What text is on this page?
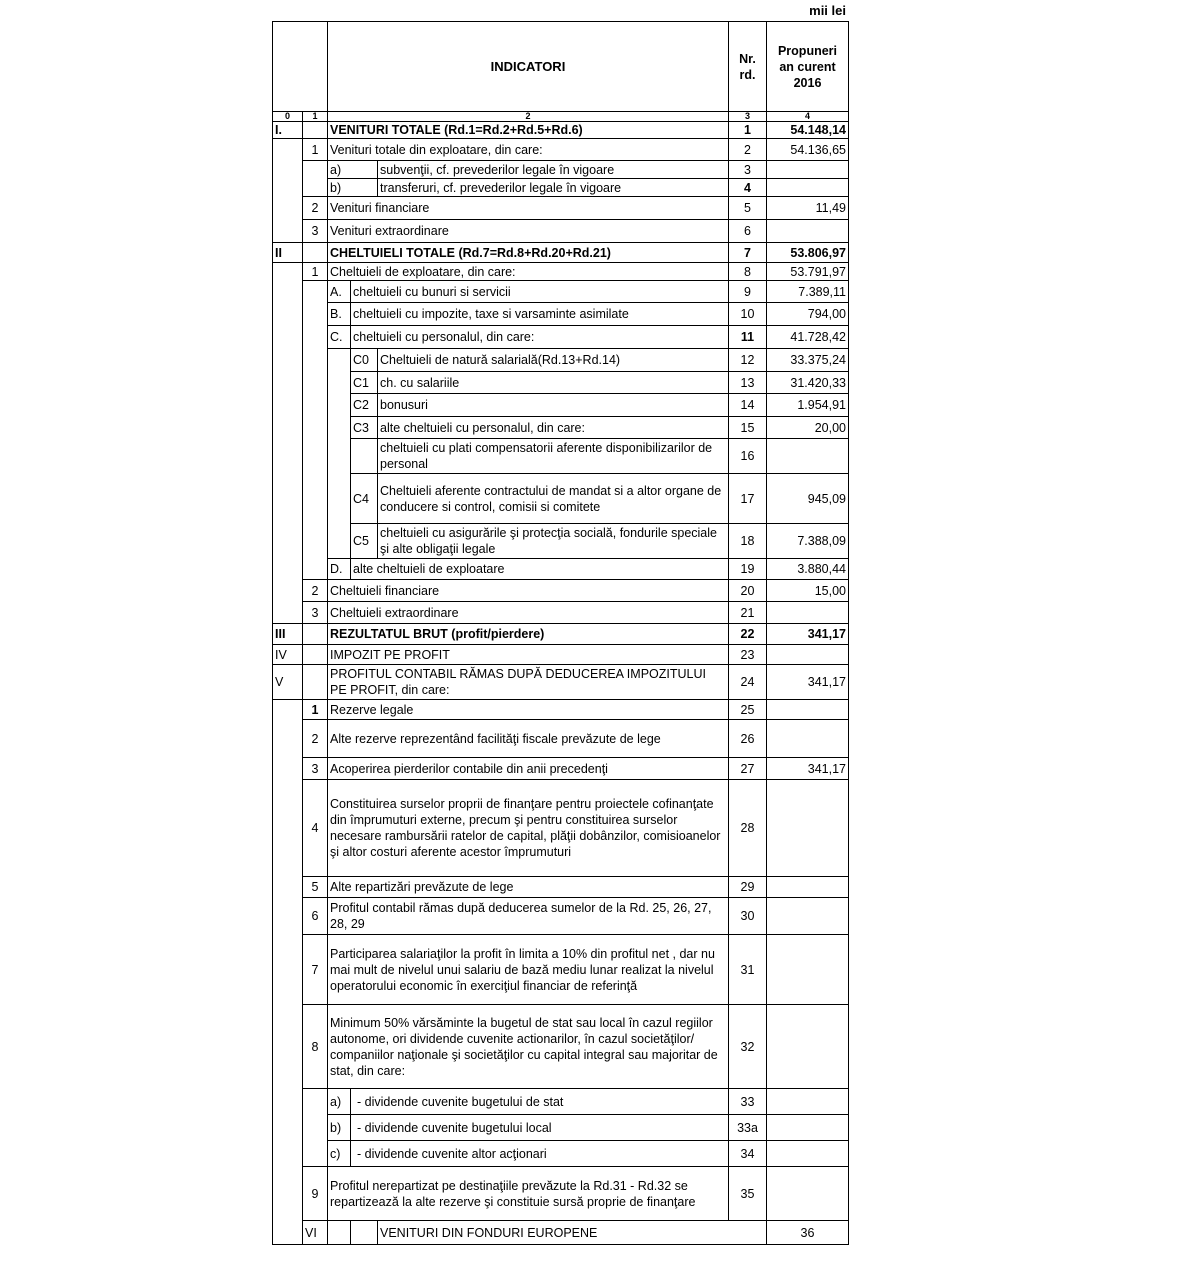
mii lei
		INDICATORI			Nr. rd.	Propuneri an curent 2016	
0	1	2			3	4	
I.		VENITURI TOTALE (Rd.1=Rd.2+Rd.5+Rd.6)			1	54.148,14	
	1	Venituri totale din exploatare, din care:			2	54.136,65	
		a)		subvenţii, cf. prevederilor legale în vigoare	3		
		b)		transferuri, cf. prevederilor legale în vigoare	4		
	2	Venituri financiare			5	11,49	
	3	Venituri extraordinare			6		
II		CHELTUIELI TOTALE (Rd.7=Rd.8+Rd.20+Rd.21)			7	53.806,97	
	1	Cheltuieli de exploatare, din care:			8	53.791,97	
		A.	cheltuieli cu bunuri si servicii		9	7.389,11	
		B.	cheltuieli cu impozite, taxe si varsaminte asimilate		10	794,00	
		C.	cheltuieli cu personalul, din care:		11	41.728,42	
			C0	Cheltuieli de natură salarială(Rd.13+Rd.14)	12	33.375,24	
			C1	ch. cu salariile	13	31.420,33	
			C2	bonusuri	14	1.954,91	
			C3	alte cheltuieli cu personalul, din care:	15	20,00	
				cheltuieli cu plati compensatorii aferente disponibilizarilor de personal	16		
			C4	Cheltuieli aferente contractului de mandat si a altor organe de conducere si control, comisii si comitete	17	945,09	
			C5	cheltuieli cu asigurările şi protecţia socială, fondurile speciale şi alte obligaţii legale	18	7.388,09	
		D.	alte cheltuieli de exploatare		19	3.880,44	
	2	Cheltuieli financiare			20	15,00	
	3	Cheltuieli extraordinare			21		
III		REZULTATUL BRUT (profit/pierdere)			22	341,17	
IV		IMPOZIT PE PROFIT			23		
V		PROFITUL CONTABIL RĂMAS DUPĂ DEDUCEREA IMPOZITULUI PE PROFIT, din care:			24	341,17	
	1	Rezerve legale			25		
	2	Alte rezerve reprezentând facilităţi fiscale prevăzute de lege			26		
	3	Acoperirea pierderilor contabile din anii precedenţi			27	341,17	
	4	Constituirea surselor proprii de finanţare pentru proiectele cofinanţate din împrumuturi externe, precum şi pentru constituirea surselor necesare rambursării ratelor de capital, plăţii dobânzilor, comisioanelor şi altor costuri aferente acestor împrumuturi			28		
	5	Alte repartizări prevăzute de lege			29		
	6	Profitul contabil rămas după deducerea sumelor de la Rd. 25, 26, 27, 28, 29			30		
	7	Participarea salariaţilor la profit în limita a 10% din profitul net , dar nu mai mult de nivelul unui salariu de bază mediu lunar realizat la nivelul operatorului economic în exerciţiul financiar de referinţă			31		
	8	Minimum 50% vărsăminte la bugetul de stat sau local în cazul regiilor autonome, ori dividende cuvenite actionarilor, în cazul societăţilor/ companiilor naţionale şi societăţilor cu capital integral sau majoritar de stat, din care:			32		
		a)	- dividende cuvenite bugetului de stat		33		
		b)	- dividende cuvenite bugetului local		33a		
		c)	- dividende cuvenite altor acţionari		34		
	9	Profitul nerepartizat pe destinaţiile prevăzute la Rd.31 - Rd.32 se repartizează la alte rezerve şi constituie sursă proprie de finanţare			35		
	VI			VENITURI DIN FONDURI EUROPENE		36	
